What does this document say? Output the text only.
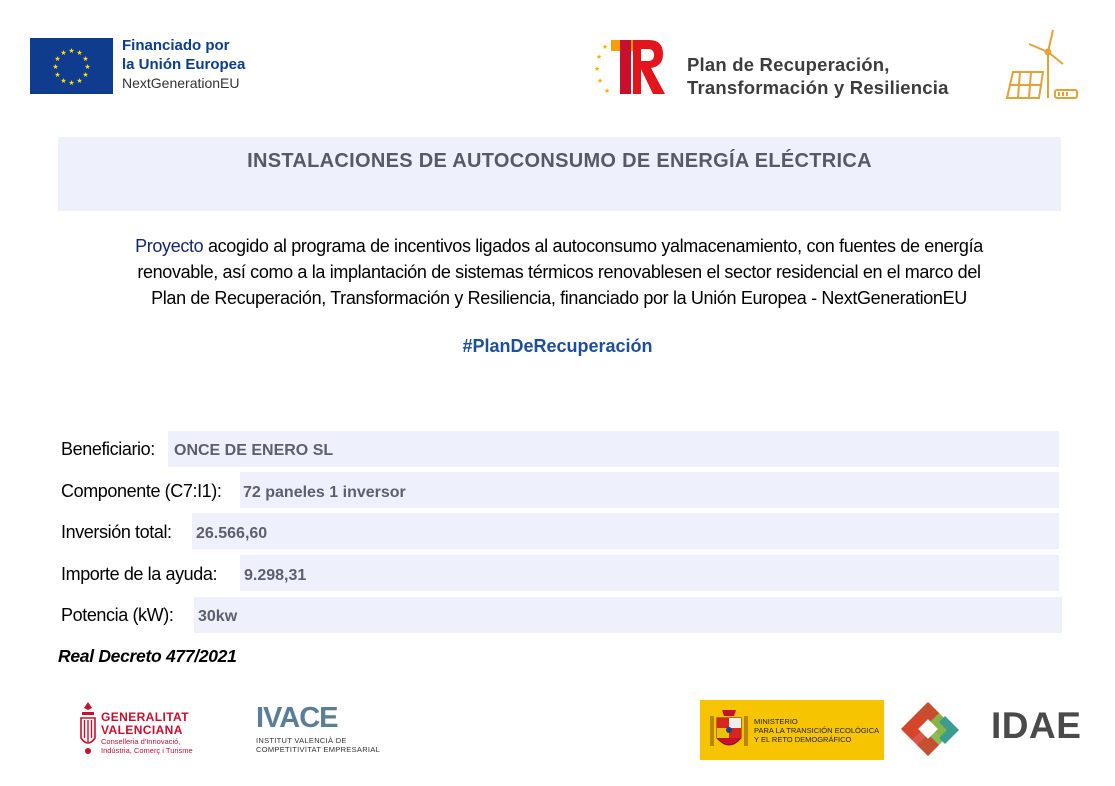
★ ★
★
★
★
★
★
★
★
★
★
★	Financiado por
la Unión Europea
NextGenerationEU
★
★
★
★
★
Plan de Recuperación,
Transformación y Resiliencia
INSTALACIONES DE AUTOCONSUMO DE ENERGÍA ELÉCTRICA
Proyecto acogido al programa de incentivos ligados al autoconsumo yalmacenamiento, con fuentes de energía
renovable, así como a la implantación de sistemas térmicos renovablesen el sector residencial en el marco del
Plan de Recuperación, Transformación y Resiliencia, financiado por la Unión Europea - NextGenerationEU
#PlanDeRecuperación
Beneficiario: ONCE DE ENERO SL
Componente (C7:I1): 72 paneles 1 inversor
Inversión total: 26.566,60
Importe de la ayuda: 9.298,31
Potencia (kW): 30kw
Real Decreto 477/2021
GENERALITAT
VALENCIANA
Conselleria d'Innovació,
Indústria, Comerç i Turisme
IVACE
INSTITUT VALENCIÀ DE
COMPETITIVITAT EMPRESARIAL
MINISTERIO
PARA LA TRANSICIÓN ECOLÓGICA
Y EL RETO DEMOGRÁFICO	IDAE
